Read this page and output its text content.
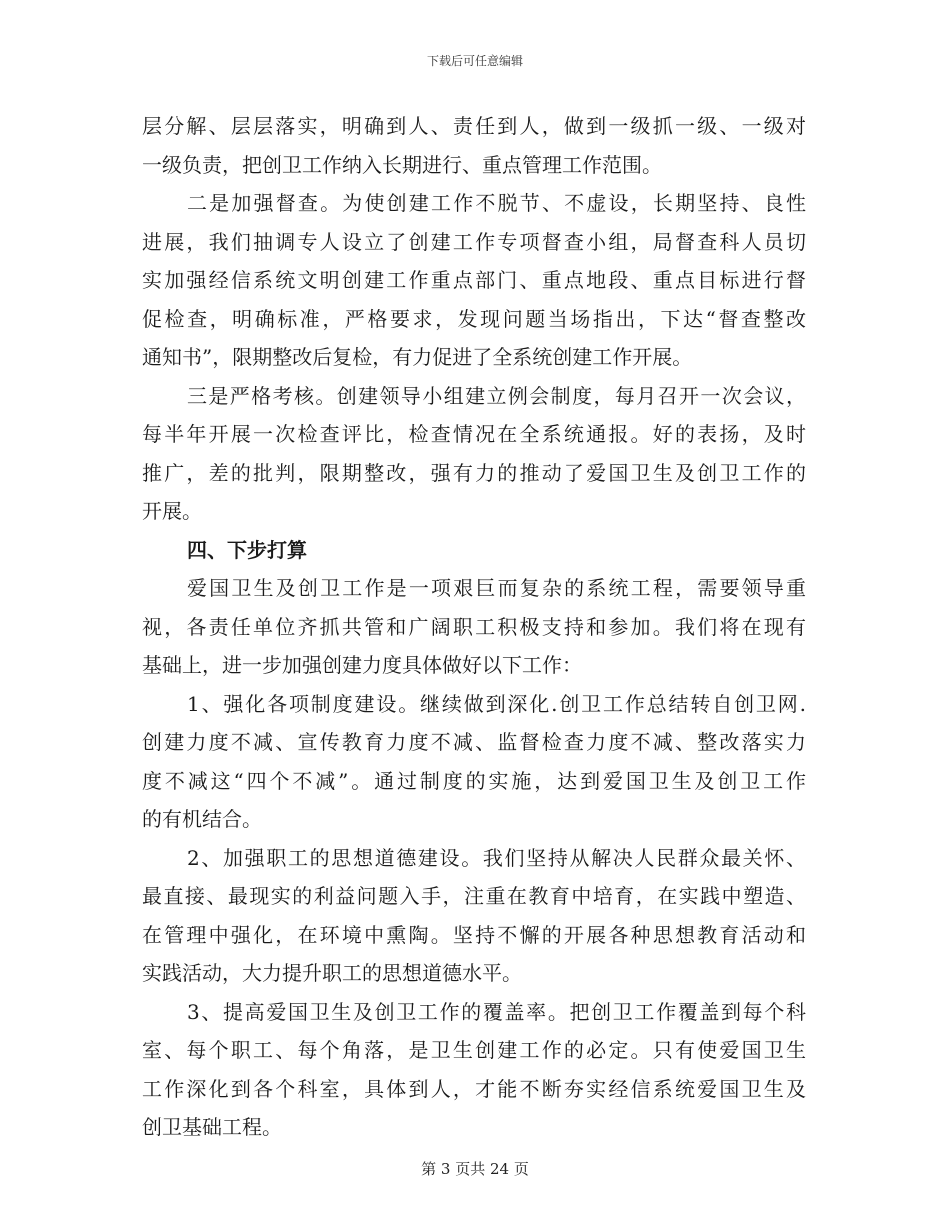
下载后可任意编辑
层分解、层层落实，明确到人、责任到人，做到一级抓一级、一级对
一级负责，把创卫工作纳入长期进行、重点管理工作范围。
二是加强督查。为使创建工作不脱节、不虚设，长期坚持、良性
进展，我们抽调专人设立了创建工作专项督查小组，局督查科人员切
实加强经信系统文明创建工作重点部门、重点地段、重点目标进行督
促检查，明确标准，严格要求，发现问题当场指出，下达“督查整改
通知书”，限期整改后复检，有力促进了全系统创建工作开展。
三是严格考核。创建领导小组建立例会制度，每月召开一次会议，
每半年开展一次检查评比，检查情况在全系统通报。好的表扬，及时
推广，差的批判，限期整改，强有力的推动了爱国卫生及创卫工作的
开展。
四、下步打算
爱国卫生及创卫工作是一项艰巨而复杂的系统工程，需要领导重
视，各责任单位齐抓共管和广阔职工积极支持和参加。我们将在现有
基础上，进一步加强创建力度具体做好以下工作：
1、强化各项制度建设。继续做到深化.创卫工作总结转自创卫网.
创建力度不减、宣传教育力度不减、监督检查力度不减、整改落实力
度不减这“四个不减”。通过制度的实施，达到爱国卫生及创卫工作
的有机结合。
2、加强职工的思想道德建设。我们坚持从解决人民群众最关怀、
最直接、最现实的利益问题入手，注重在教育中培育，在实践中塑造、
在管理中强化，在环境中熏陶。坚持不懈的开展各种思想教育活动和
实践活动，大力提升职工的思想道德水平。
3、提高爱国卫生及创卫工作的覆盖率。把创卫工作覆盖到每个科
室、每个职工、每个角落，是卫生创建工作的必定。只有使爱国卫生
工作深化到各个科室，具体到人，才能不断夯实经信系统爱国卫生及
创卫基础工程。
第 3 页共 24 页
